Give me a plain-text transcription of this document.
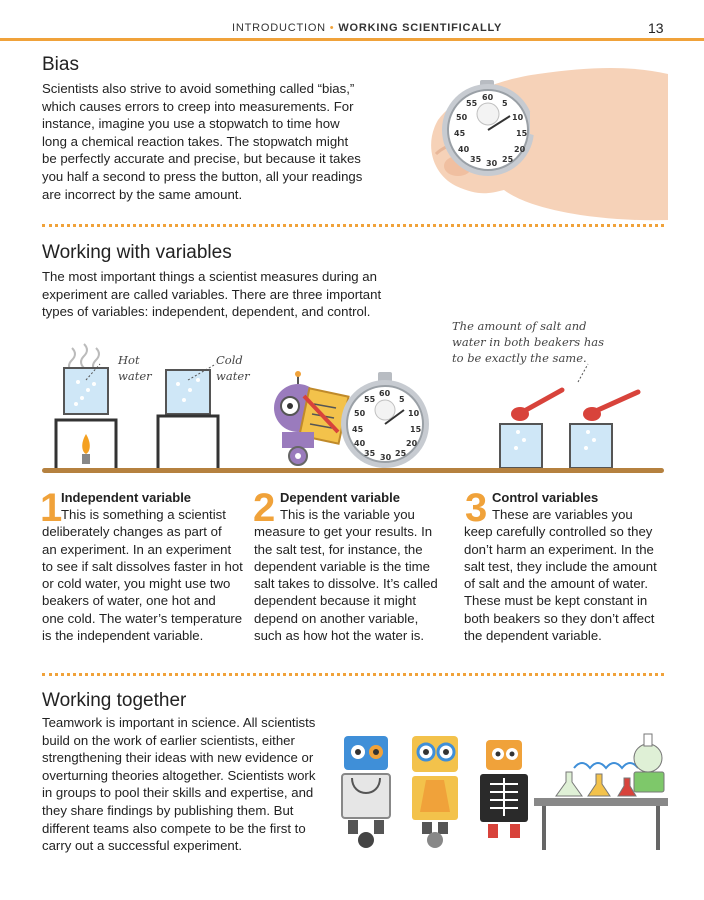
INTRODUCTION • WORKING SCIENTIFICALLY	13
Bias
Scientists also strive to avoid something called “bias,”
which causes errors to creep into measurements. For
instance, imagine you use a stopwatch to time how
long a chemical reaction takes. The stopwatch might
be perfectly accurate and precise, but because it takes
you half a second to press the button, all your readings
are incorrect by the same amount.
60
5
10
15
20
25
30
35
40
45
50
55
Working with variables
The most important things a scientist measures during an
experiment are called variables. There are three important
types of variables: independent, dependent, and control.
Hot
water
Cold
water
The amount of salt and
water in both beakers has
to be exactly the same.
60
5
10
15
20
25
30
35
40
45
50
55
1
Independent variable
This is something a scientist
deliberately changes as part of
an experiment. In an experiment
to see if salt dissolves faster in hot
or cold water, you might use two
beakers of water, one hot and
one cold. The water’s temperature
is the independent variable.
2 Dependent variable
This is the variable you
measure to get your results. In
the salt test, for instance, the
dependent variable is the time
salt takes to dissolve. It’s called
dependent because it might
depend on another variable,
such as how hot the water is.
3 Control variables
These are variables you
keep carefully controlled so they
don’t harm an experiment. In the
salt test, they include the amount
of salt and the amount of water.
These must be kept constant in
both beakers so they don’t affect
the dependent variable.
Working together
Teamwork is important in science. All scientists
build on the work of earlier scientists, either
strengthening their ideas with new evidence or
overturning theories altogether. Scientists work
in groups to pool their skills and expertise, and
they share findings by publishing them. But
different teams also compete to be the first to
carry out a successful experiment.
